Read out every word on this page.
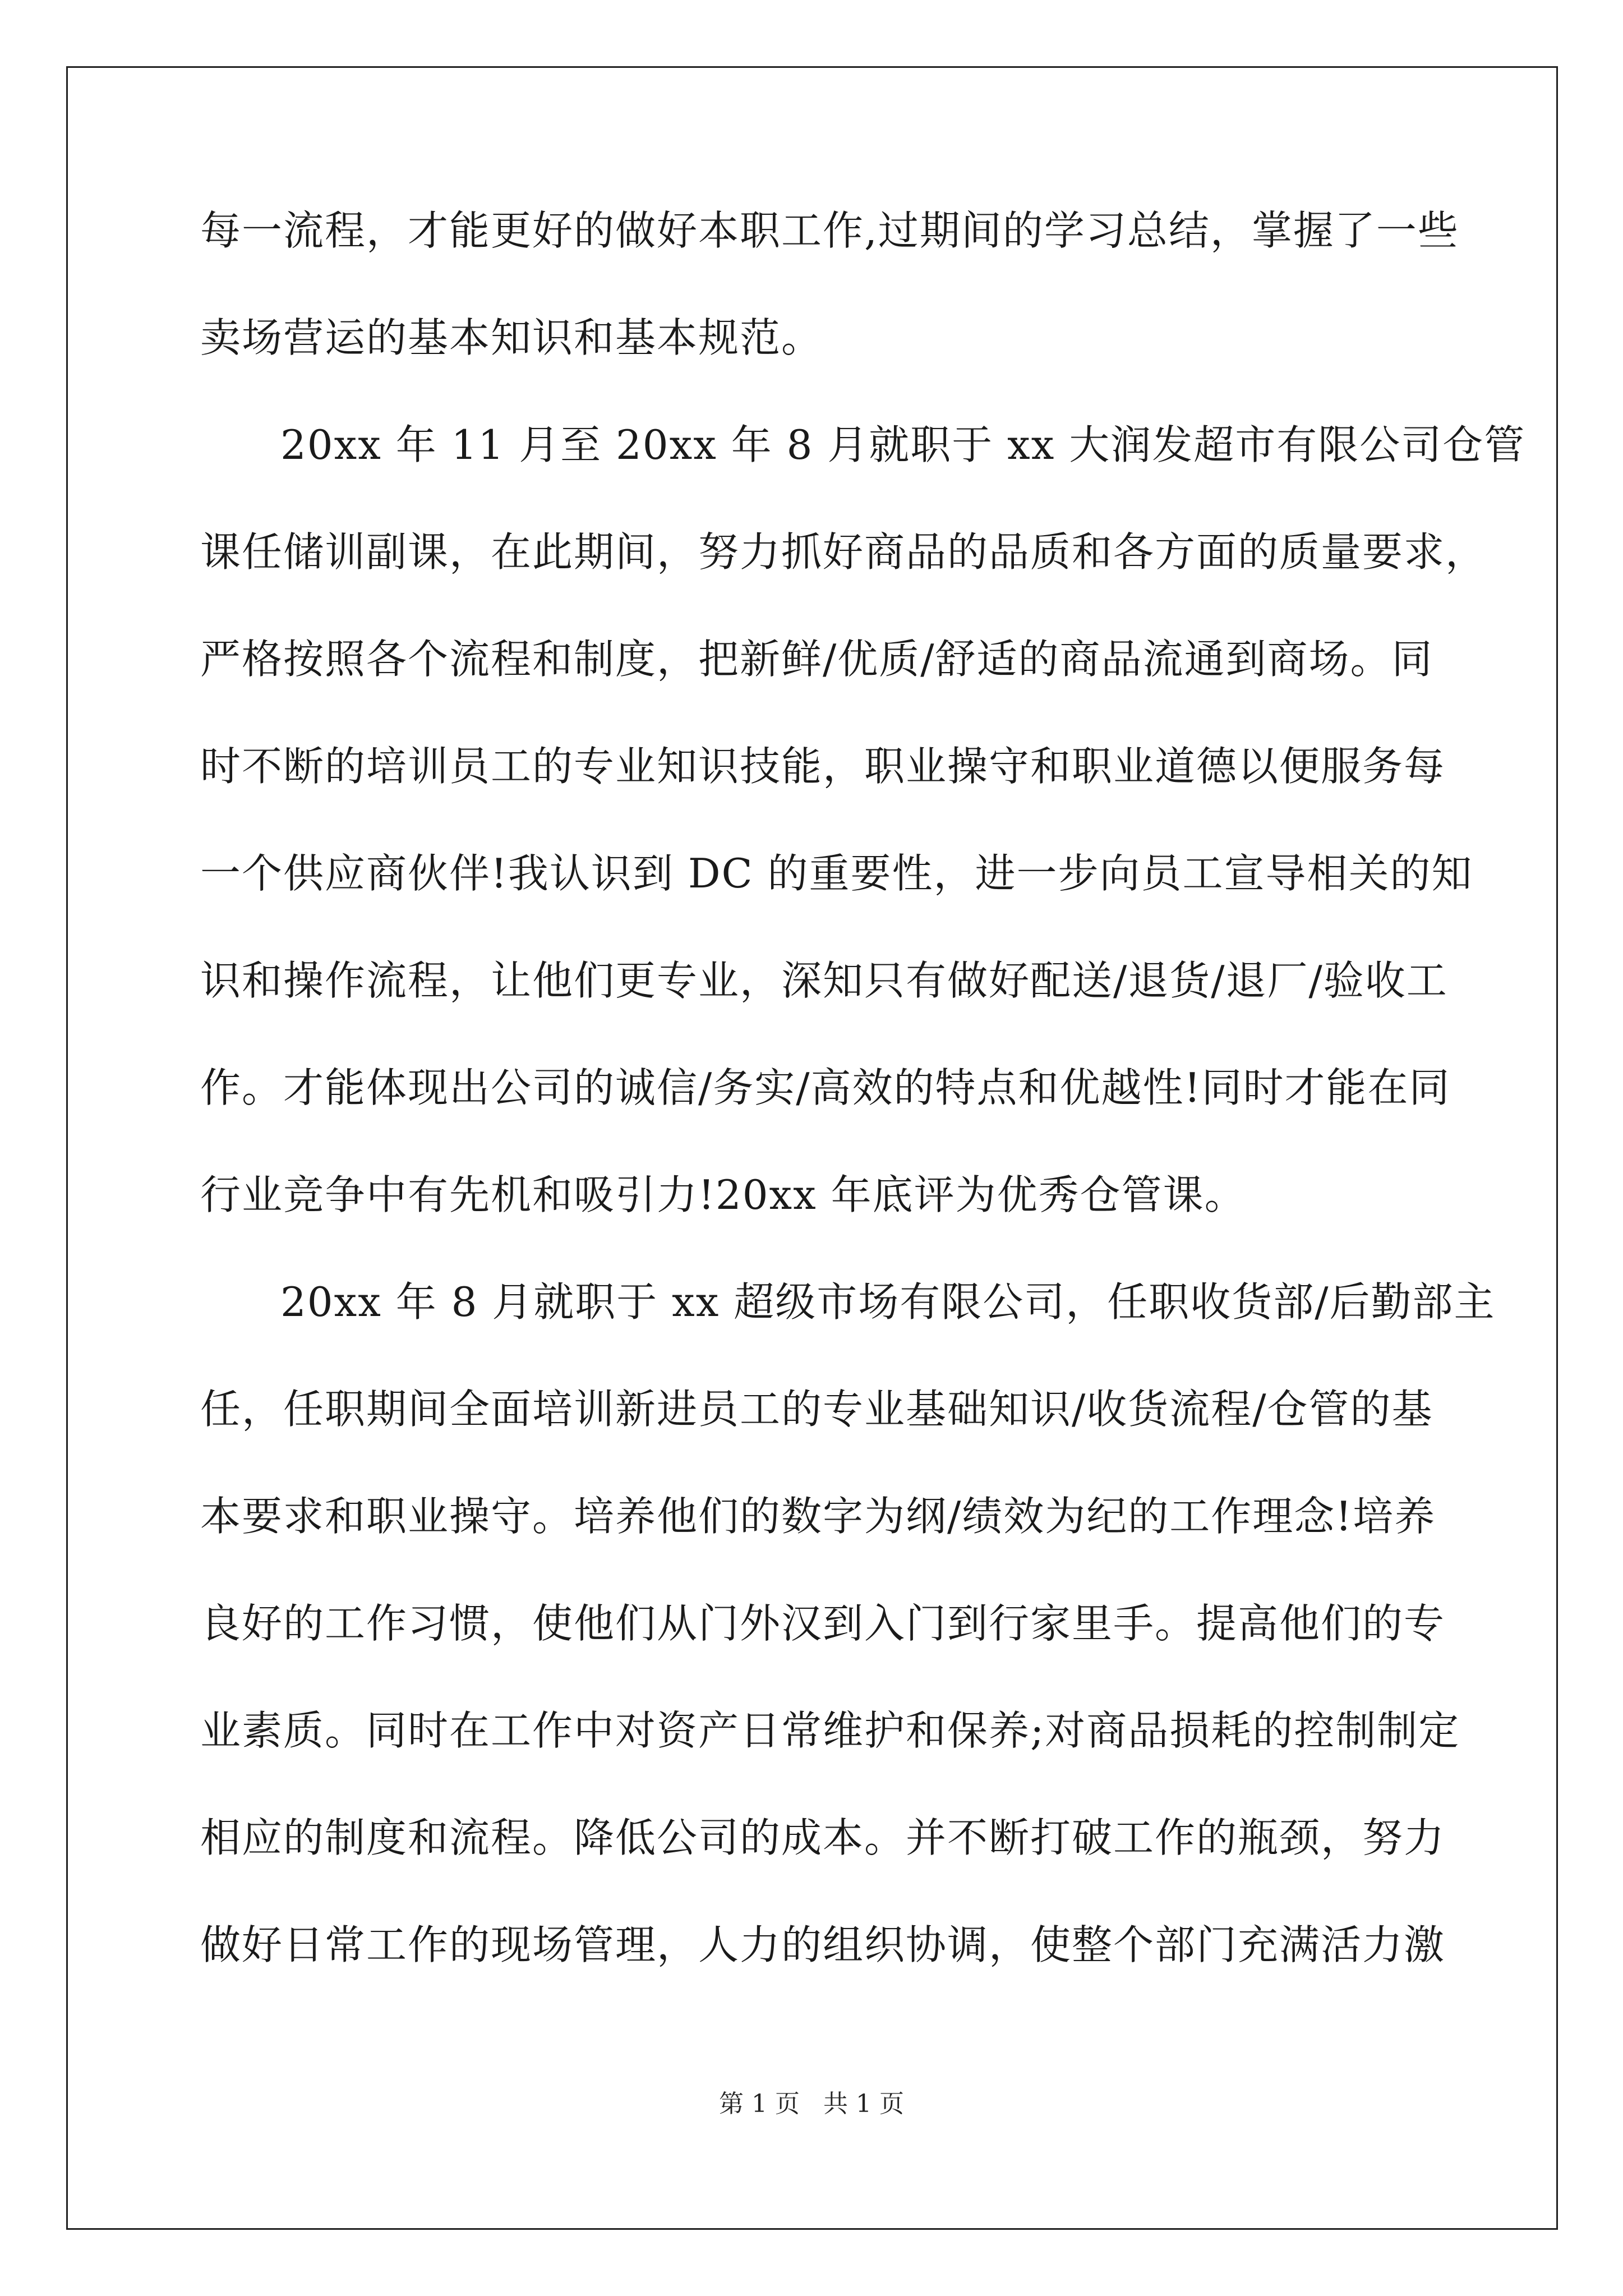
每一流程，才能更好的做好本职工作,过期间的学习总结，掌握了一些
卖场营运的基本知识和基本规范。
20xx 年 11 月至 20xx 年 8 月就职于 xx 大润发超市有限公司仓管
课任储训副课，在此期间，努力抓好商品的品质和各方面的质量要求，
严格按照各个流程和制度，把新鲜/优质/舒适的商品流通到商场。同
时不断的培训员工的专业知识技能，职业操守和职业道德以便服务每
一个供应商伙伴!我认识到 DC 的重要性，进一步向员工宣导相关的知
识和操作流程，让他们更专业，深知只有做好配送/退货/退厂/验收工
作。才能体现出公司的诚信/务实/高效的特点和优越性!同时才能在同
行业竞争中有先机和吸引力!20xx 年底评为优秀仓管课。
20xx 年 8 月就职于 xx 超级市场有限公司，任职收货部/后勤部主
任，任职期间全面培训新进员工的专业基础知识/收货流程/仓管的基
本要求和职业操守。培养他们的数字为纲/绩效为纪的工作理念!培养
良好的工作习惯，使他们从门外汉到入门到行家里手。提高他们的专
业素质。同时在工作中对资产日常维护和保养;对商品损耗的控制制定
相应的制度和流程。降低公司的成本。并不断打破工作的瓶颈，努力
做好日常工作的现场管理，人力的组织协调，使整个部门充满活力激
第 1 页 共 1 页
